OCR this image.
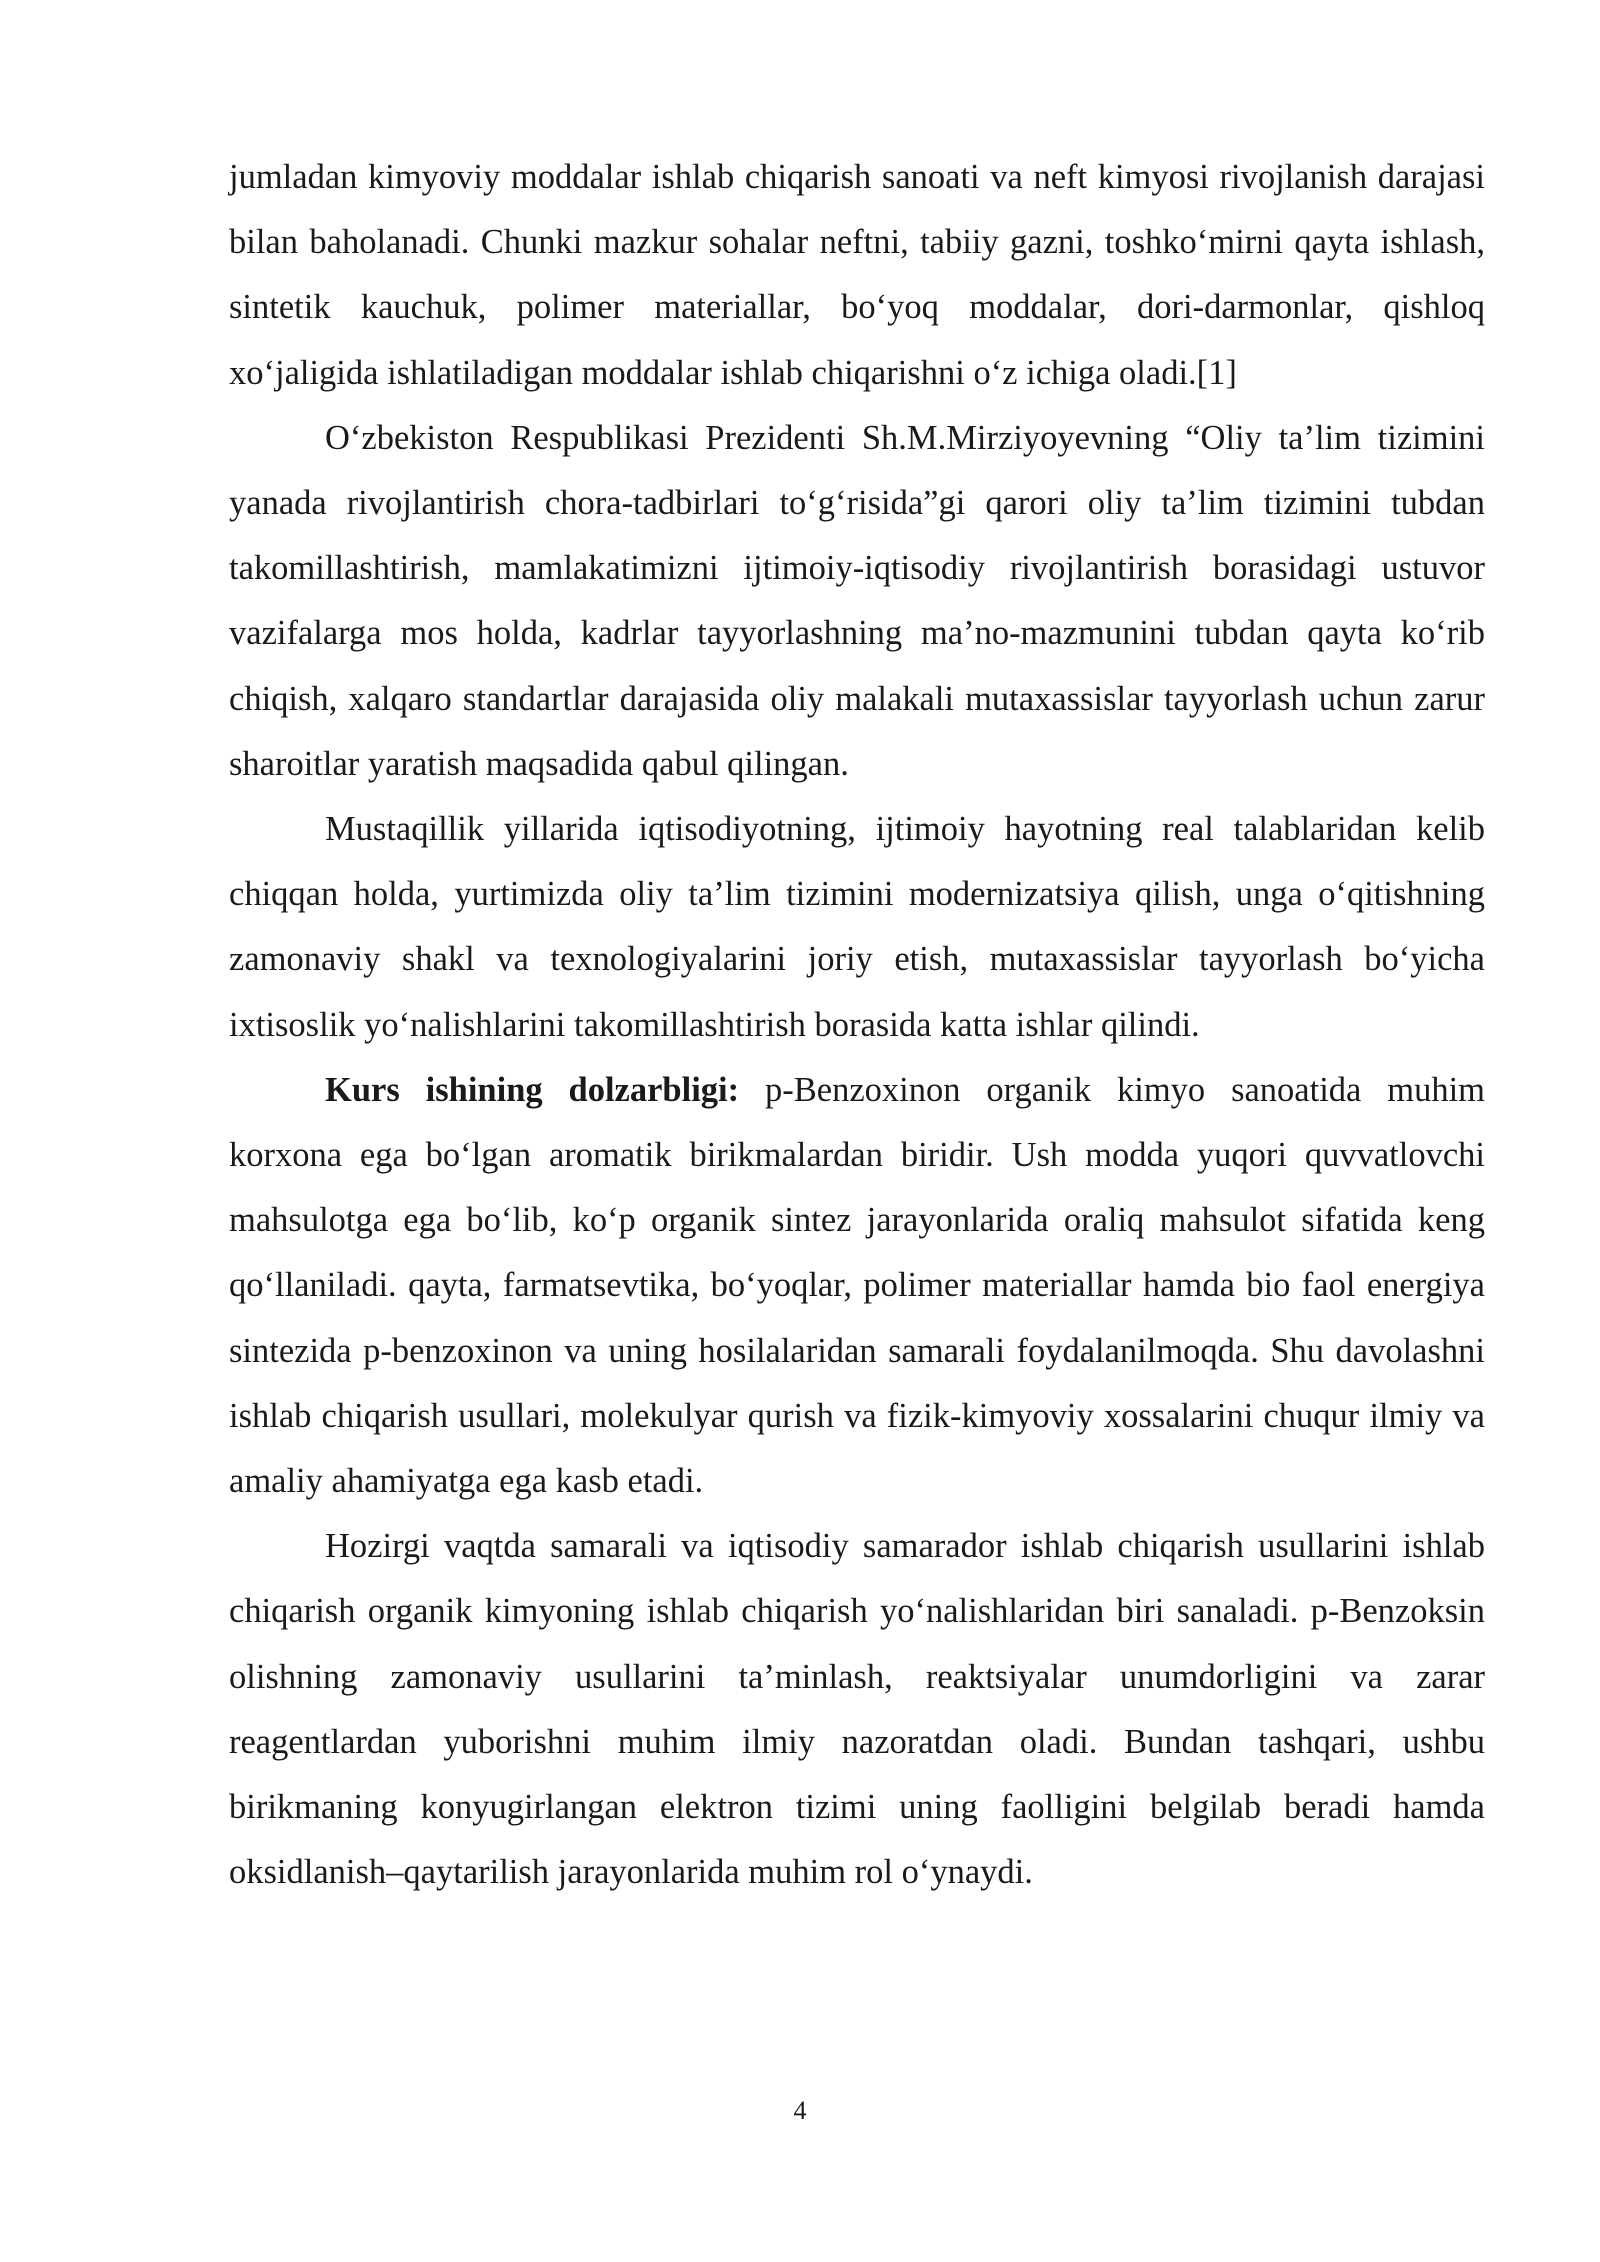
jumladan kimyoviy moddalar ishlab chiqarish sanoati va neft kimyosi rivojlanish darajasi bilan baholanadi. Chunki mazkur sohalar neftni, tabiiy gazni, toshkoʻmirni qayta ishlash, sintetik kauchuk, polimer materiallar, boʻyoq moddalar, dori-darmonlar, qishloq xoʻjaligida ishlatiladigan moddalar ishlab chiqarishni oʻz ichiga oladi.[1]

Oʻzbekiston Respublikasi Prezidenti Sh.M.Mirziyoyevning “Oliy ta’lim tizimini yanada rivojlantirish chora-tadbirlari toʻgʻrisida”gi qarori oliy ta’lim tizimini tubdan takomillashtirish, mamlakatimizni ijtimoiy-iqtisodiy rivojlantirish borasidagi ustuvor vazifalarga mos holda, kadrlar tayyorlashning ma’no-mazmunini tubdan qayta koʻrib chiqish, xalqaro standartlar darajasida oliy malakali mutaxassislar tayyorlash uchun zarur sharoitlar yaratish maqsadida qabul qilingan.

Mustaqillik yillarida iqtisodiyotning, ijtimoiy hayotning real talablaridan kelib chiqqan holda, yurtimizda oliy ta’lim tizimini modernizatsiya qilish, unga oʻqitishning zamonaviy shakl va texnologiyalarini joriy etish, mutaxassislar tayyorlash boʻyicha ixtisoslik yoʻnalishlarini takomillashtirish borasida katta ishlar qilindi.

Kurs ishining dolzarbligi: p-Benzoxinon organik kimyo sanoatida muhim korxona ega boʻlgan aromatik birikmalardan biridir. Ush modda yuqori quvvatlovchi mahsulotga ega boʻlib, koʻp organik sintez jarayonlarida oraliq mahsulot sifatida keng qoʻllaniladi. qayta, farmatsevtika, boʻyoqlar, polimer materiallar hamda bio faol energiya sintezida p-benzoxinon va uning hosilalaridan samarali foydalanilmoqda. Shu davolashni ishlab chiqarish usullari, molekulyar qurish va fizik-kimyoviy xossalarini chuqur ilmiy va amaliy ahamiyatga ega kasb etadi.

Hozirgi vaqtda samarali va iqtisodiy samarador ishlab chiqarish usullarini ishlab chiqarish organik kimyoning ishlab chiqarish yoʻnalishlaridan biri sanaladi. p-Benzoksin olishning zamonaviy usullarini ta’minlash, reaktsiyalar unumdorligini va zarar reagentlardan yuborishni muhim ilmiy nazoratdan oladi. Bundan tashqari, ushbu birikmaning konyugirlangan elektron tizimi uning faolligini belgilab beradi hamda oksidlanish–qaytarilish jarayonlarida muhim rol oʻynaydi.

4
